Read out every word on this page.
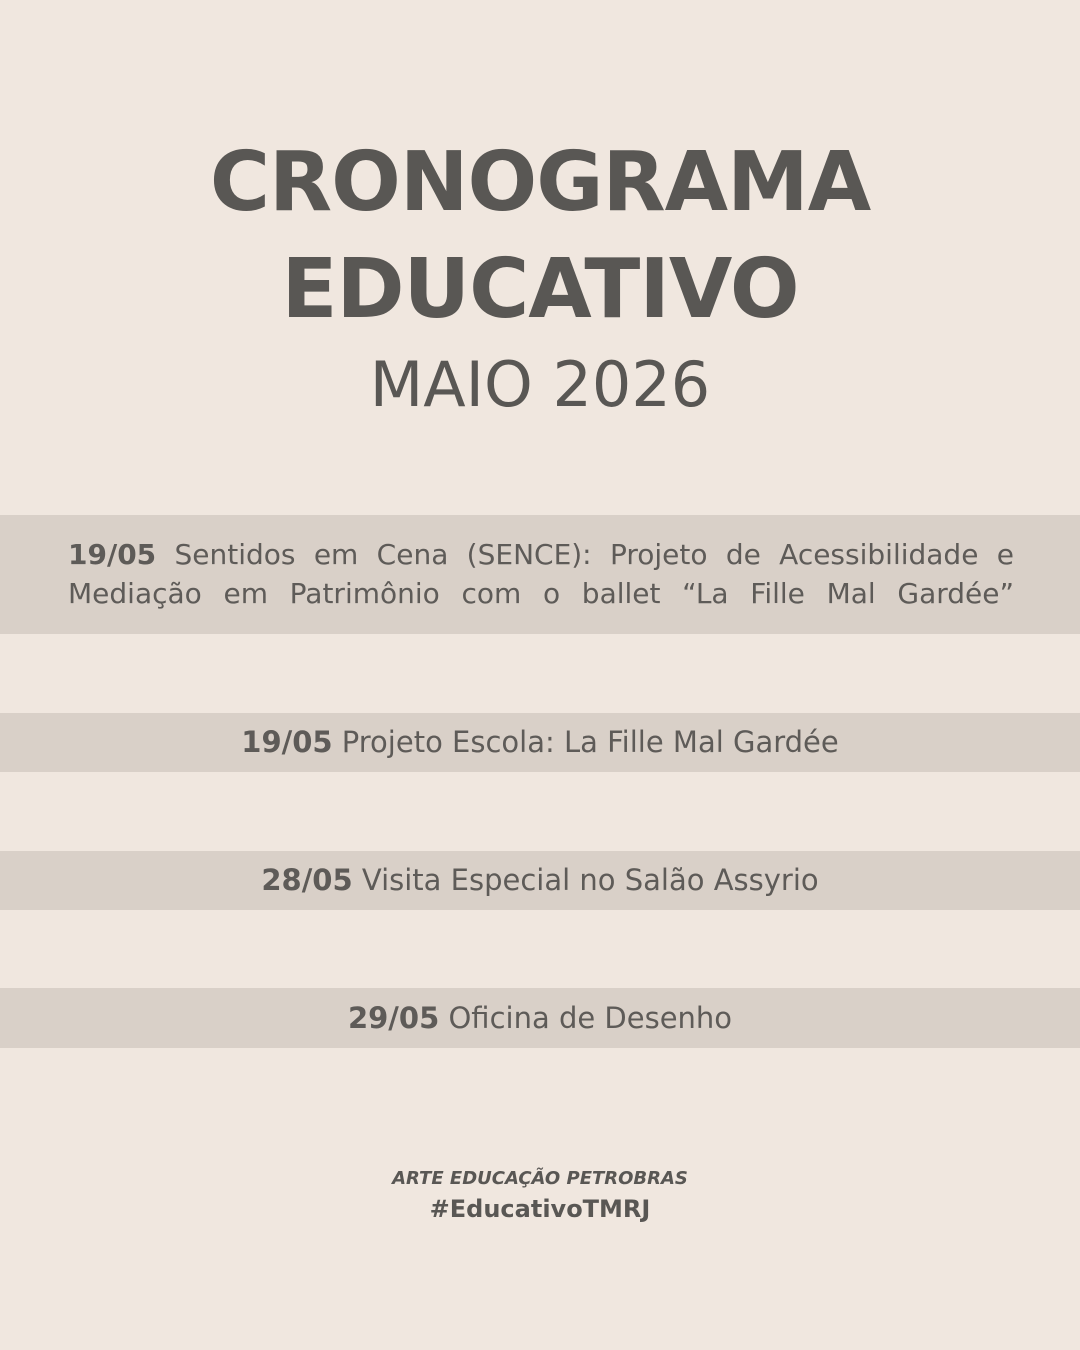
CRONOGRAMA
EDUCATIVO
MAIO 2026
19/05 Sentidos em Cena (SENCE): Projeto de Acessibilidade e
Mediação em Patrimônio com o ballet “La Fille Mal Gardée”
19/05 Projeto Escola: La Fille Mal Gardée
28/05 Visita Especial no Salão Assyrio
29/05 Oficina de Desenho
ARTE EDUCAÇÃO PETROBRAS
#EducativoTMRJ
